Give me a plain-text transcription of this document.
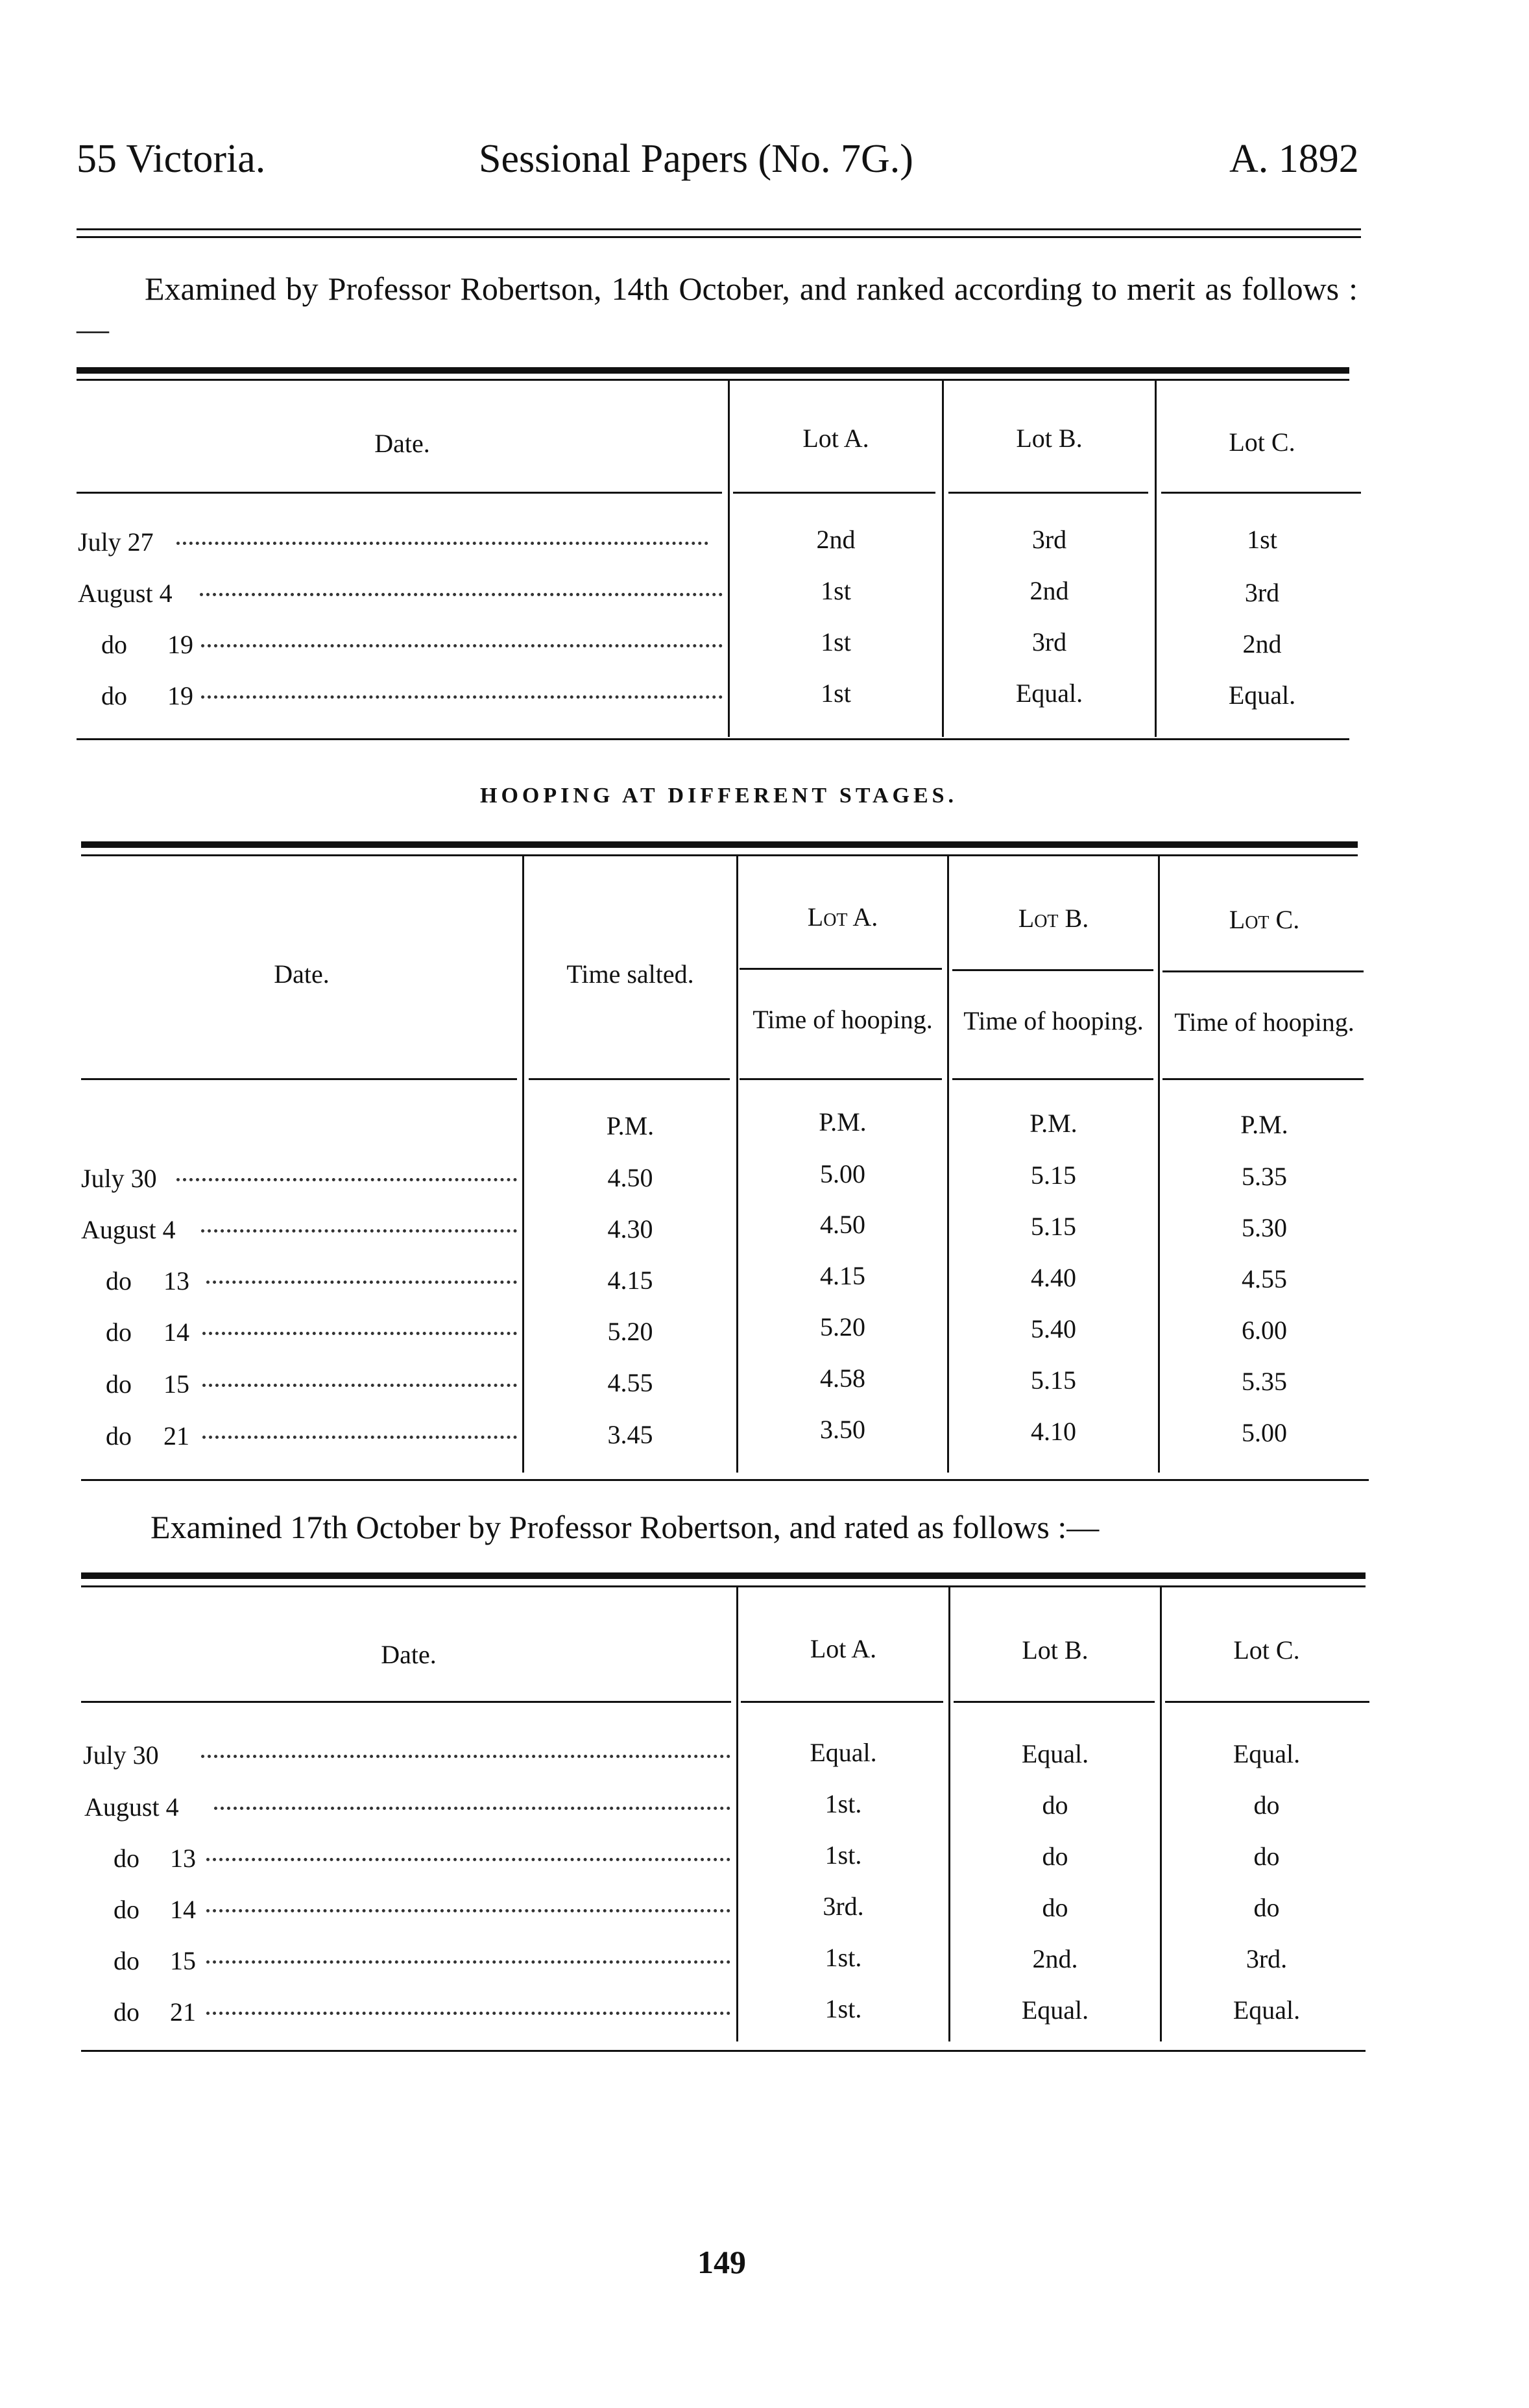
55 Victoria.	Sessional Papers (No. 7G.)	A. 1892
Examined by Professor Robertson, 14th October, and ranked according to merit as follows :—
Date.	Lot A.	Lot B.	Lot C.
July 27	2nd	3rd	1st
August 4	1st	2nd	3rd
do 19	1st	3rd	2nd
do 19	1st	Equal.	Equal.
HOOPING AT DIFFERENT STAGES.
Date.	Time salted.
Lot A.	Lot B.	Lot C.
Time of hooping.	Time of hooping.	Time of hooping.
P.M.	P.M.	P.M.	P.M.
July 30	4.50	5.00	5.15	5.35
August 4	4.30	4.50	5.15	5.30
do 13	4.15	4.15	4.40	4.55
do 14	5.20	5.20	5.40	6.00
do 15	4.55	4.58	5.15	5.35
do 21	3.45	3.50	4.10	5.00
Examined 17th October by Professor Robertson, and rated as follows :—
Date.	Lot A.	Lot B.	Lot C.
July 30	Equal.	Equal.	Equal.
August 4	1st.	do	do
do 13	1st.	do	do
do 14	3rd.	do	do
do 15	1st.	2nd.	3rd.
do 21	1st.	Equal.	Equal.
149
